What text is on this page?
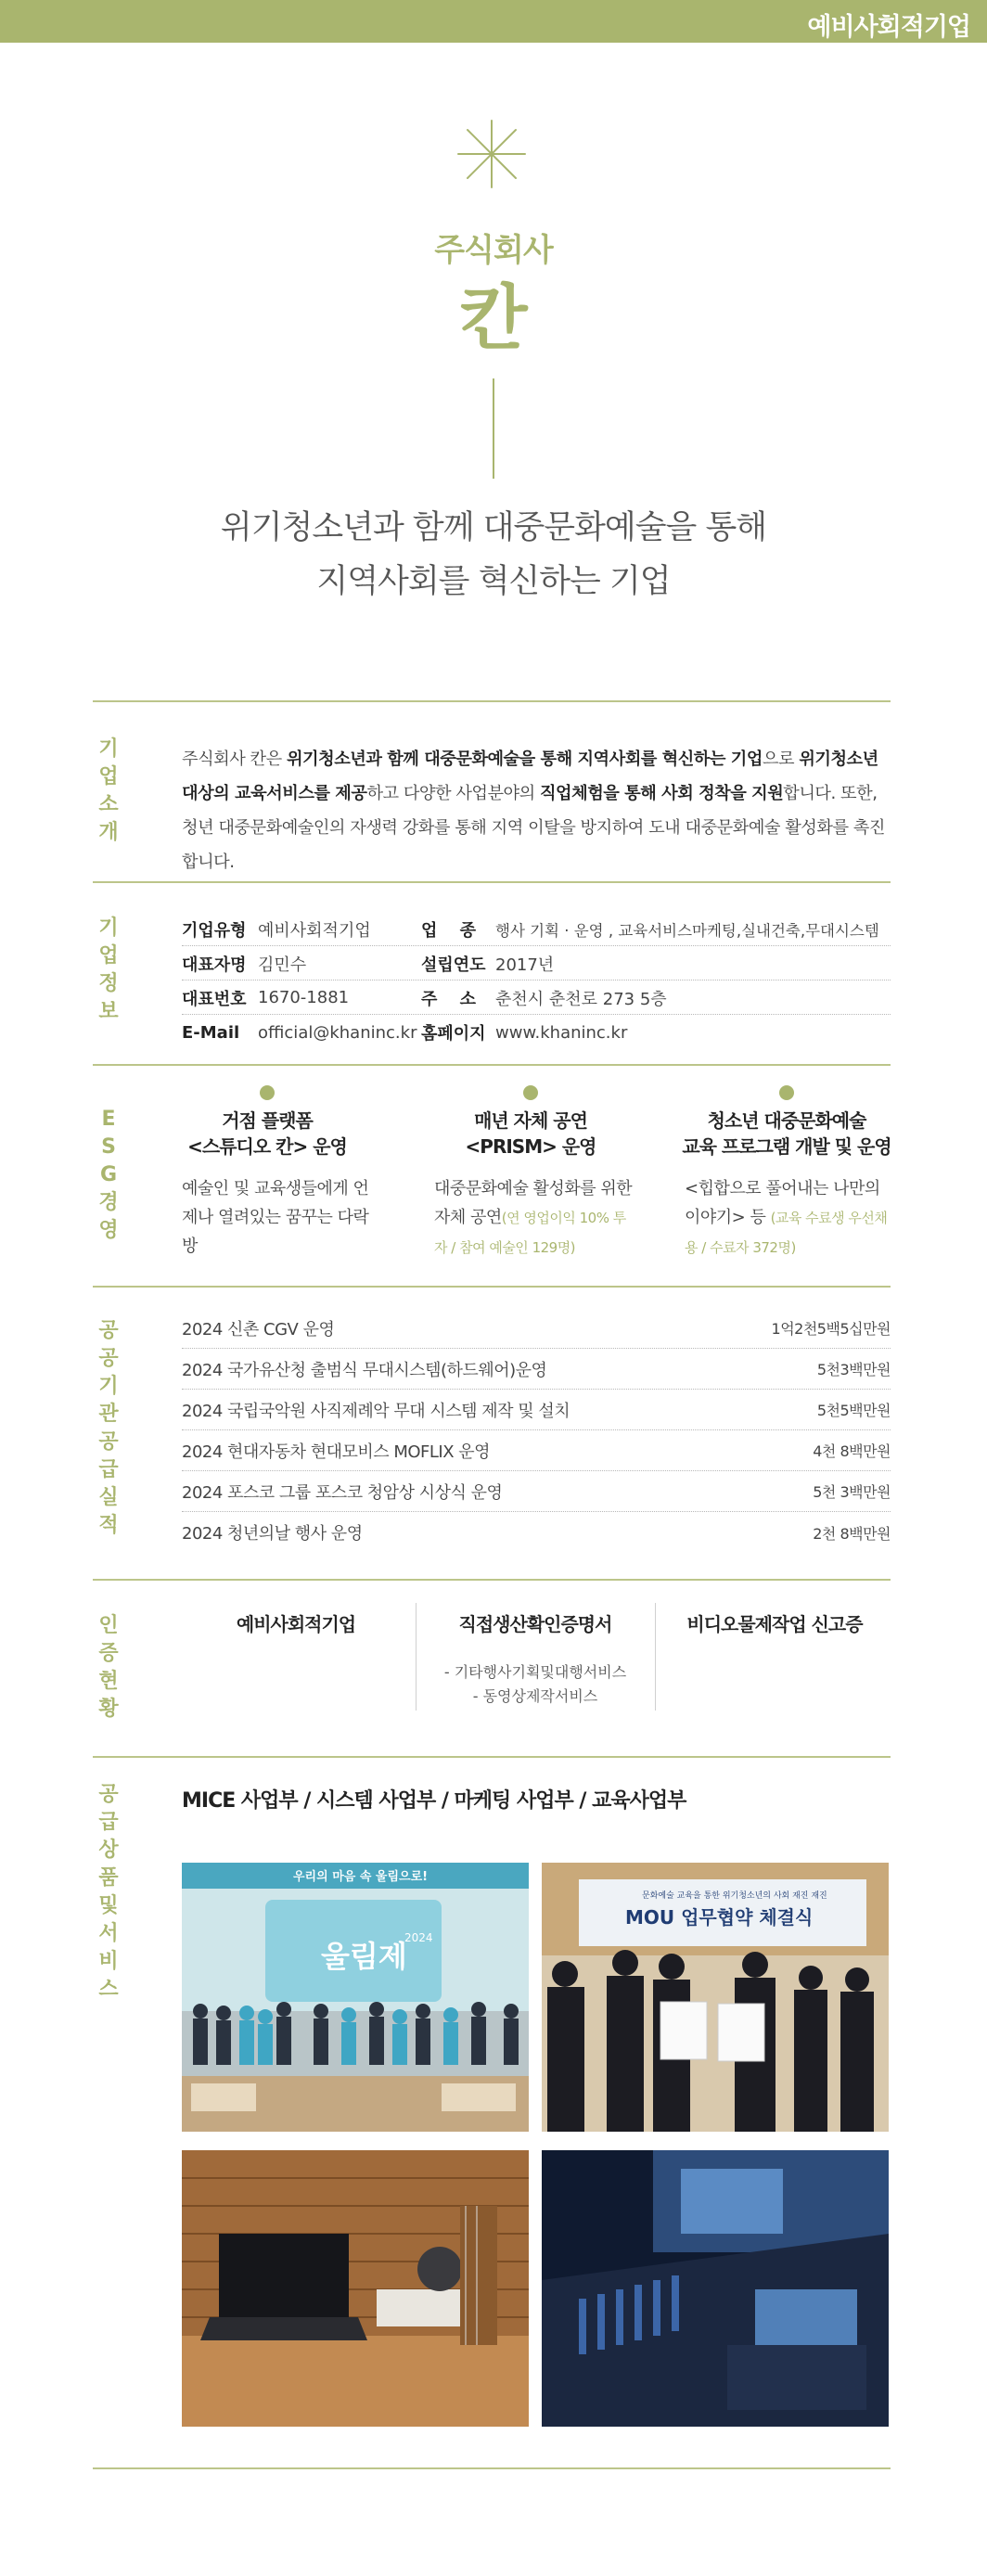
예비사회적기업
주식회사
칸
위기청소년과 함께 대중문화예술을 통해
지역사회를 혁신하는 기업
기
업
소
개
주식회사 칸은 위기청소년과 함께 대중문화예술을 통해 지역사회를 혁신하는 기업으로 위기청소년 대상의 교육서비스를 제공하고 다양한 사업분야의 직업체험을 통해 사회 정착을 지원합니다. 또한, 청년 대중문화예술인의 자생력 강화를 통해 지역 이탈을 방지하여 도내 대중문화예술 활성화를 촉진합니다.
기
업
정
보
기업유형 예비사회적기업	업　 종 행사 기획 · 운영 , 교육서비스마케팅,실내건축,무대시스템
대표자명 김민수	설립연도 2017년
대표번호 1670-1881	주　 소 춘천시 춘천로 273 5층
E-Mail	official@khaninc.kr 홈페이지 www.khaninc.kr
E
S
G
경
영
거점 플랫폼
<스튜디오 칸> 운영
예술인 및 교육생들에게 언제나 열려있는 꿈꾸는 다락방
매년 자체 공연
<PRISM> 운영
대중문화예술 활성화를 위한 자체 공연(연 영업이익 10% 투자 / 참여 예술인 129명)
청소년 대중문화예술
교육 프로그램 개발 및 운영
<힙합으로 풀어내는 나만의 이야기> 등 (교육 수료생 우선채용 / 수료자 372명)
공
공
기
관
공
급
실
적
2024 신촌 CGV 운영	1억2천5백5십만원
2024 국가유산청 출범식 무대시스템(하드웨어)운영	5천3백만원
2024 국립국악원 사직제례악 무대 시스템 제작 및 설치	5천5백만원
2024 현대자동차 현대모비스 MOFLIX 운영	4천 8백만원
2024 포스코 그룹 포스코 청암상 시상식 운영	5천 3백만원
2024 청년의날 행사 운영	2천 8백만원
인
증
현
황
예비사회적기업	직접생산확인증명서
- 기타행사기획및대행서비스
- 동영상제작서비스
비디오물제작업 신고증
공
급
상
품
및
서
비
스
MICE 사업부 / 시스템 사업부 / 마케팅 사업부 / 교육사업부
우리의 마음 속 울림으로!
2024
울림제
문화예술 교육을 통한 위기청소년의 사회 재진 재진
MOU 업무협약 체결식
